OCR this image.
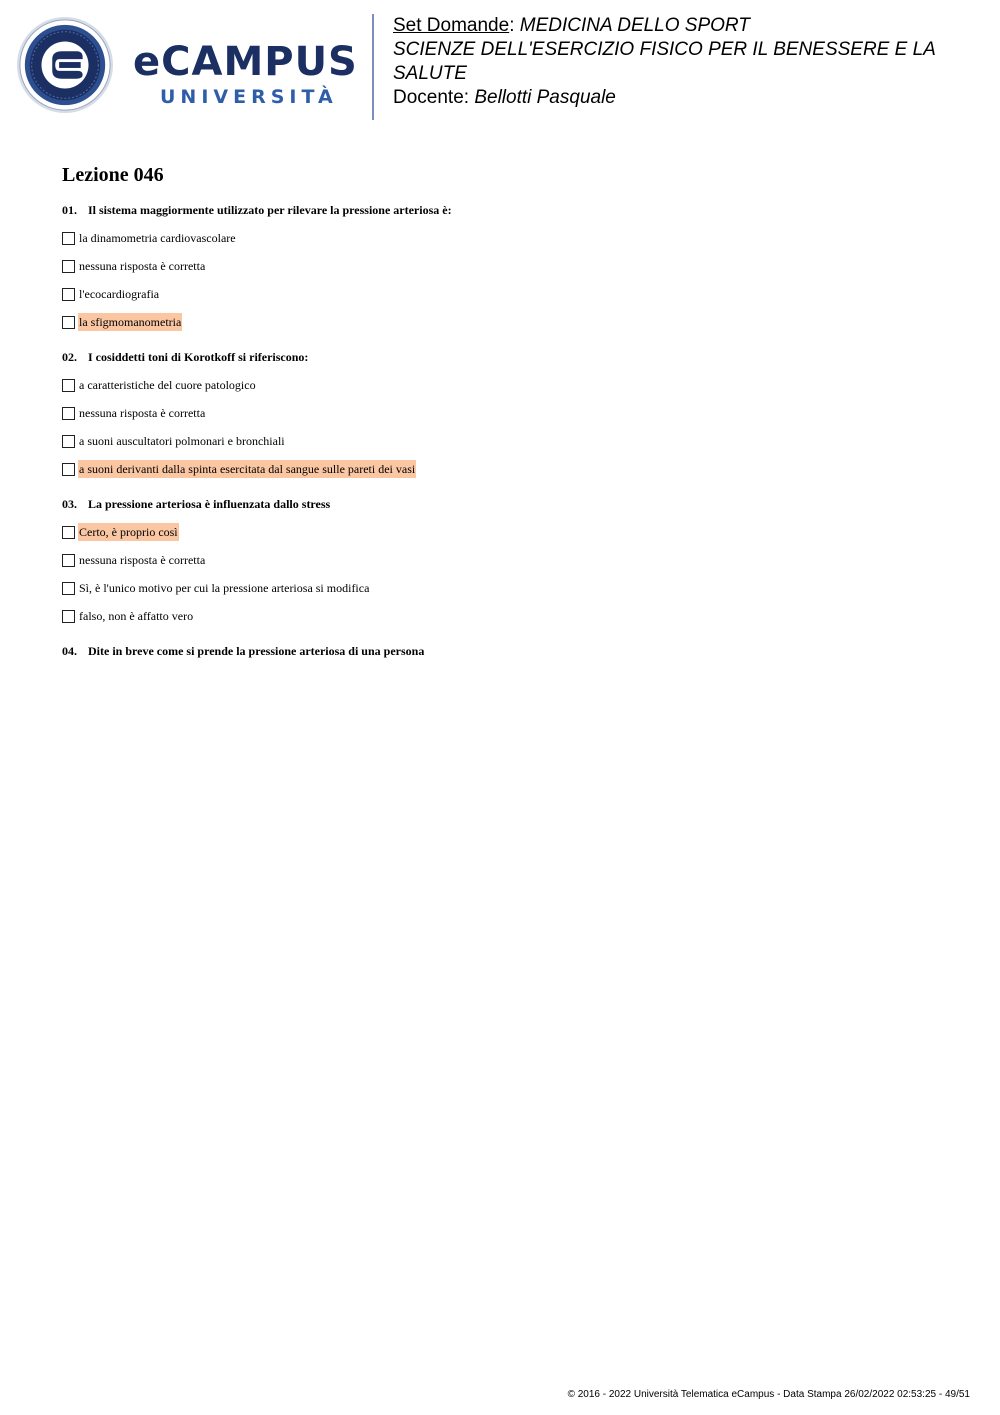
eCAMPUS
UNIVERSITÀ

Set Domande: MEDICINA DELLO SPORT

SCIENZE DELL'ESERCIZIO FISICO PER IL BENESSERE E LA SALUTE

Docente: Bellotti Pasquale

Lezione 046
01. Il sistema maggiormente utilizzato per rilevare la pressione arteriosa è:
la dinamometria cardiovascolare
nessuna risposta è corretta
l'ecocardiografia
la sfigmomanometria
02. I cosiddetti toni di Korotkoff si riferiscono:
a caratteristiche del cuore patologico
nessuna risposta è corretta
a suoni auscultatori polmonari e bronchiali
a suoni derivanti dalla spinta esercitata dal sangue sulle pareti dei vasi
03. La pressione arteriosa è influenzata dallo stress
Certo, è proprio così
nessuna risposta è corretta
Sì, è l'unico motivo per cui la pressione arteriosa si modifica
falso, non è affatto vero
04. Dite in breve come si prende la pressione arteriosa di una persona
© 2016 - 2022 Università Telematica eCampus - Data Stampa 26/02/2022 02:53:25 - 49/51
